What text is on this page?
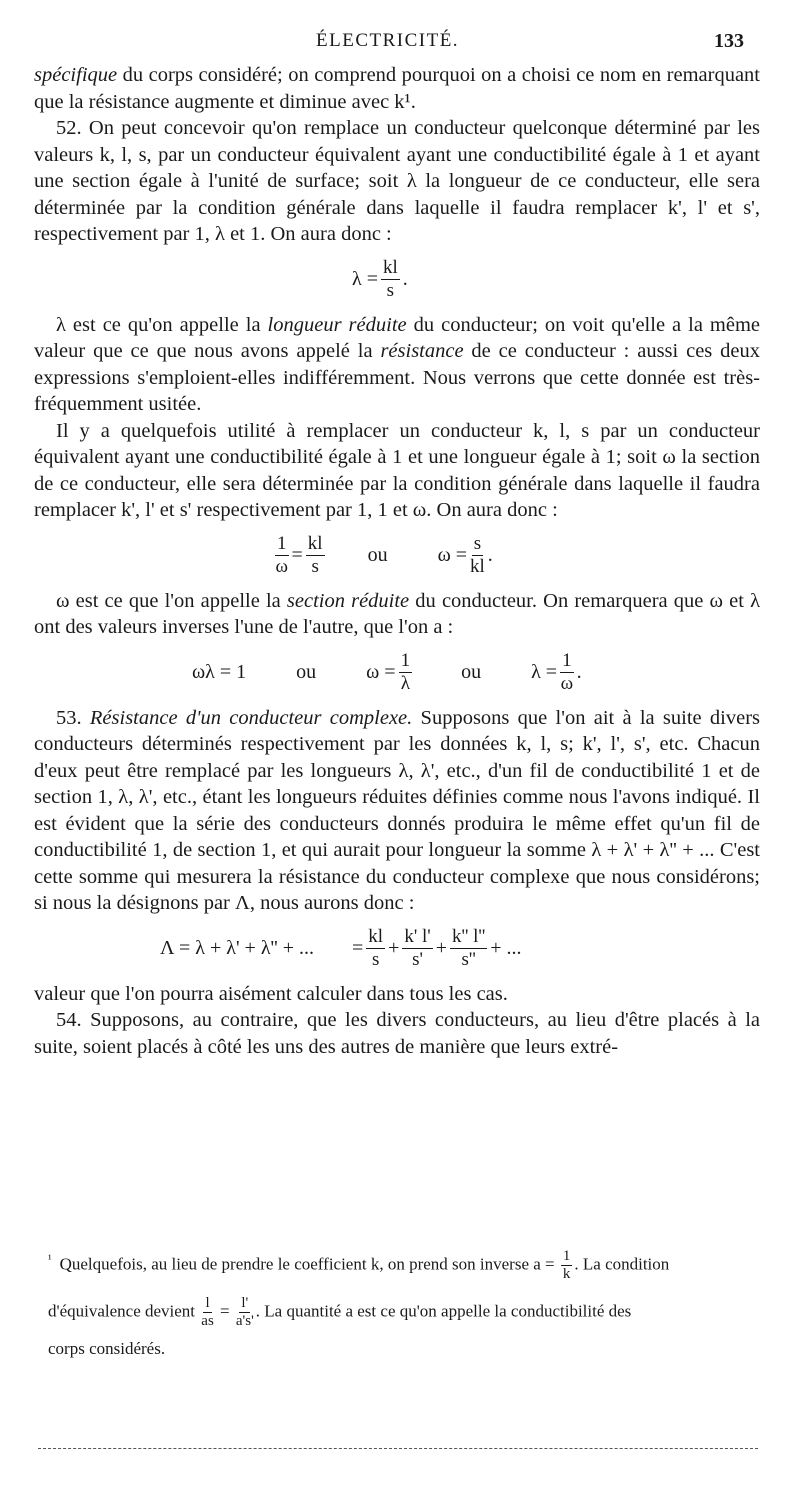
ÉLECTRICITÉ.	133

spécifique du corps considéré; on comprend pourquoi on a choisi ce nom en remarquant que la résistance augmente et diminue avec k¹.

52. On peut concevoir qu'on remplace un conducteur quelconque déterminé par les valeurs k, l, s, par un conducteur équivalent ayant une conductibilité égale à 1 et ayant une section égale à l'unité de surface; soit λ la longueur de ce conducteur, elle sera déterminée par la condition générale dans laquelle il faudra remplacer k', l' et s', respectivement par 1, λ et 1. On aura donc :

$\lambda = \frac{kl}{s}$ .

λ est ce qu'on appelle la longueur réduite du conducteur; on voit qu'elle a la même valeur que ce que nous avons appelé la résistance de ce conducteur : aussi ces deux expressions s'emploient-elles indifféremment. Nous verrons que cette donnée est très-fréquemment usitée.

Il y a quelquefois utilité à remplacer un conducteur k, l, s par un conducteur équivalent ayant une conductibilité égale à 1 et une longueur égale à 1; soit ω la section de ce conducteur, elle sera déterminée par la condition générale dans laquelle il faudra remplacer k', l' et s' respectivement par 1, 1 et ω. On aura donc :

$\frac{1}{\omega} = \frac{kl}{s}$ ou	$\omega = \frac{s}{kl}$ .

ω est ce que l'on appelle la section réduite du conducteur. On remarquera que ω et λ ont des valeurs inverses l'une de l'autre, que l'on a :

ωλ = 1	ou	$\omega = \frac{1}{\lambda}$ ou	$\lambda = \frac{1}{\omega}$ .

53. Résistance d'un conducteur complexe. Supposons que l'on ait à la suite divers conducteurs déterminés respectivement par les données k, l, s; k', l', s', etc. Chacun d'eux peut être remplacé par les longueurs λ, λ', etc., d'un fil de conductibilité 1 et de section 1, λ, λ', etc., étant les longueurs réduites définies comme nous l'avons indiqué. Il est évident que la série des conducteurs donnés produira le même effet qu'un fil de conductibilité 1, de section 1, et qui aurait pour longueur la somme λ + λ' + λ'' + ... C'est cette somme qui mesurera la résistance du conducteur complexe que nous considérons; si nous la désignons par Λ, nous aurons donc :

Λ = λ + λ' + λ'' + ... = $\frac{kl}{s} + \frac{k' l'}{s'} + \frac{k'' l''}{s''}$ + ...

valeur que l'on pourra aisément calculer dans tous les cas.

54. Supposons, au contraire, que les divers conducteurs, au lieu d'être placés à la suite, soient placés à côté les uns des autres de manière que leurs extré-

$^{^1}$ Quelquefois, au lieu de prendre le coefficient k, on prend son inverse $a = \frac{1}{k}$ . La condition
d'équivalence devient $\frac{l}{as} = \frac{l'}{a's'}$ . La quantité a est ce qu'on appelle la conductibilité des
corps considérés.
